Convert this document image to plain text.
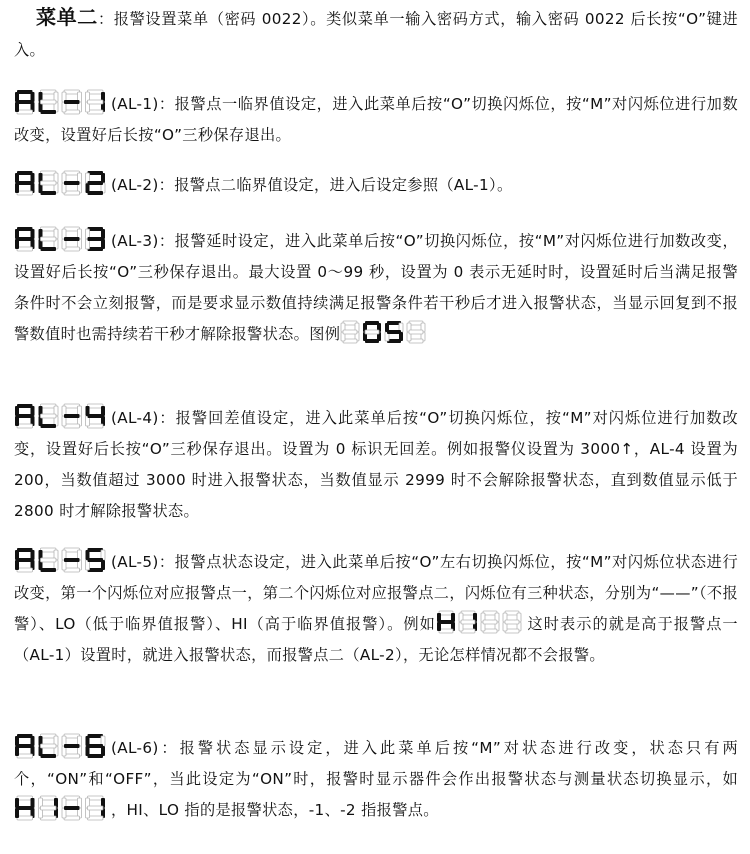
菜单二：报警设置菜单（密码 0022）。类似菜单一输入密码方式，输入密码 0022 后长按“O”键进入。

(AL-1)：报警点一临界值设定，进入此菜单后按“O”切换闪烁位，按“M”对闪烁位进行加数改变，设置好后长按“O”三秒保存退出。

(AL-2)：报警点二临界值设定，进入后设定参照（AL-1）。

(AL-3)：报警延时设定，进入此菜单后按“O”切换闪烁位，按“M”对闪烁位进行加数改变，设置好后长按“O”三秒保存退出。最大设置 0～99 秒，设置为 0 表示无延时时，设置延时后当满足报警条件时不会立刻报警，而是要求显示数值持续满足报警条件若干秒后才进入报警状态，当显示回复到不报警数值时也需持续若干秒才解除报警状态。图例

(AL-4)：报警回差值设定，进入此菜单后按“O”切换闪烁位，按“M”对闪烁位进行加数改变，设置好后长按“O”三秒保存退出。设置为 0 标识无回差。例如报警仪设置为 3000↑，AL-4 设置为 200，当数值超过 3000 时进入报警状态，当数值显示 2999 时不会解除报警状态，直到数值显示低于 2800 时才解除报警状态。

(AL-5)：报警点状态设定，进入此菜单后按“O”左右切换闪烁位，按“M”对闪烁位状态进行改变，第一个闪烁位对应报警点一，第二个闪烁位对应报警点二，闪烁位有三种状态，分别为“——”（不报警）、LO（低于临界值报警）、HI（高于临界值报警）。例如	这时表示的就是高于报警点一（AL-1）设置时，就进入报警状态，而报警点二（AL-2），无论怎样情况都不会报警。

(AL-6)：报警状态显示设定，进入此菜单后按“M”对状态进行改变，状态只有两个，“ON”和“OFF”，当此设定为“ON”时，报警时显示器件会作出报警状态与测量状态切换显示，如，HI、LO 指的是报警状态，-1、-2 指报警点。
